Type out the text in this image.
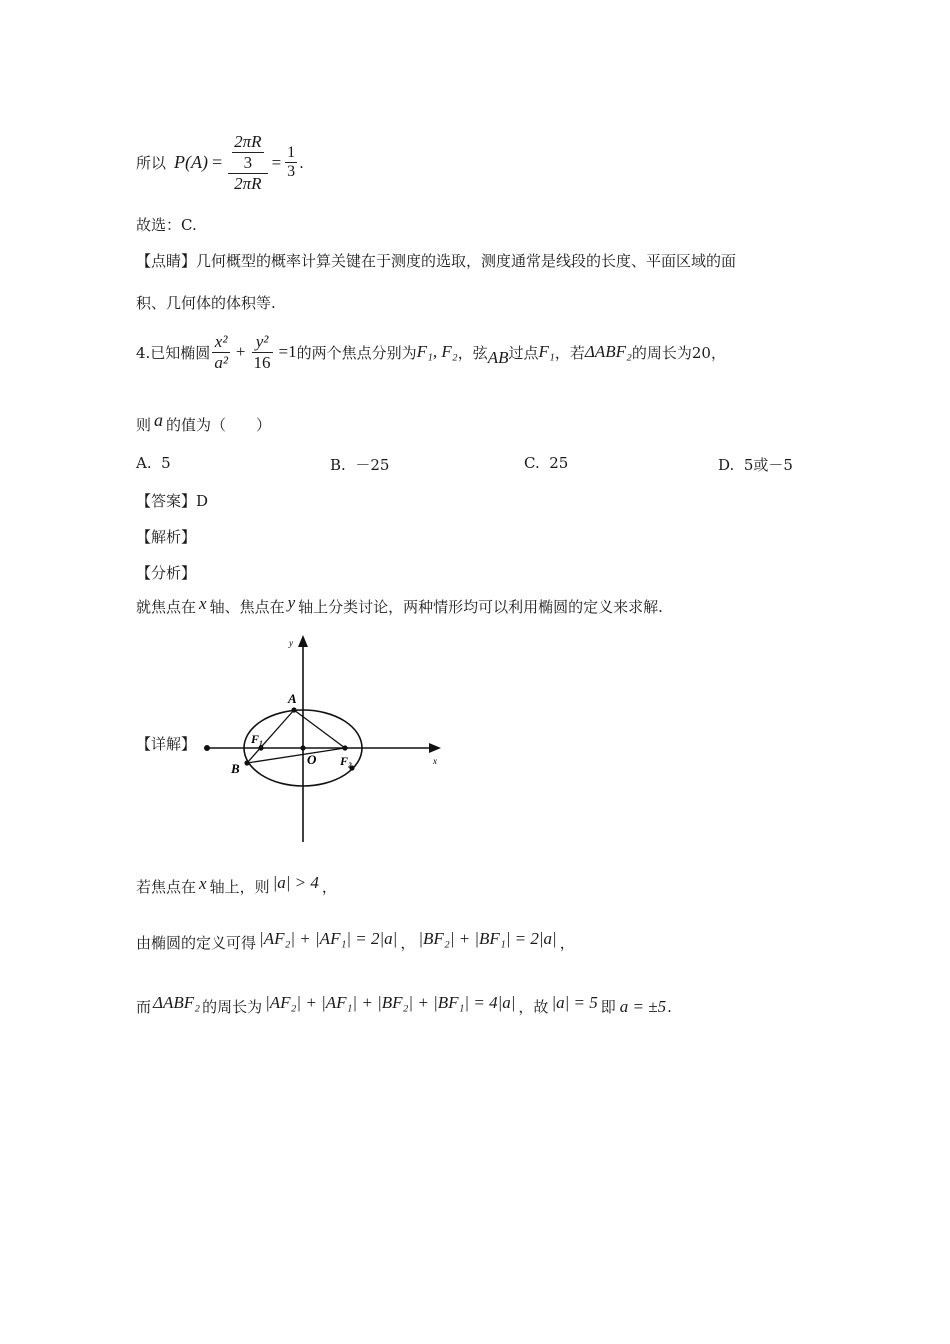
所以 $P(A) = \frac{\frac{2\pi R}{3}}{2\pi R} = \frac{1}{3}$ .
故选：C.
【点睛】几何概型的概率计算关键在于测度的选取，测度通常是线段的长度、平面区域的面
积、几何体的体积等.
4.已知椭圆 $\frac{\text{x²}}{\text{a²}} + \frac{\text{y²}}{16} =1$ 的两个焦点分别为 F₁, F₂ ，弦 AB 过点 F₁ ，若 ΔABF₂ 的周长为20，
则 a 的值为（　　）
A. 5	B. －25	C. 25	D. 5或－5
【答案】D
【解析】
【分析】
就焦点在 x 轴、焦点在 y 轴上分类讨论，两种情形均可以利用椭圆的定义来求解.
【详解】
y
x
A
B
O
F₁
F₂
若焦点在 x 轴上，则 |a| > 4 ，
由椭圆的定义可得 |AF₂| + |AF₁| = 2|a| ， |BF₂| + |BF₁| = 2|a| ，
而 ΔABF₂ 的周长为 |AF₂| + |AF₁| + |BF₂| + |BF₁| = 4|a| ，故 |a| = 5 即 a = ±5 .
